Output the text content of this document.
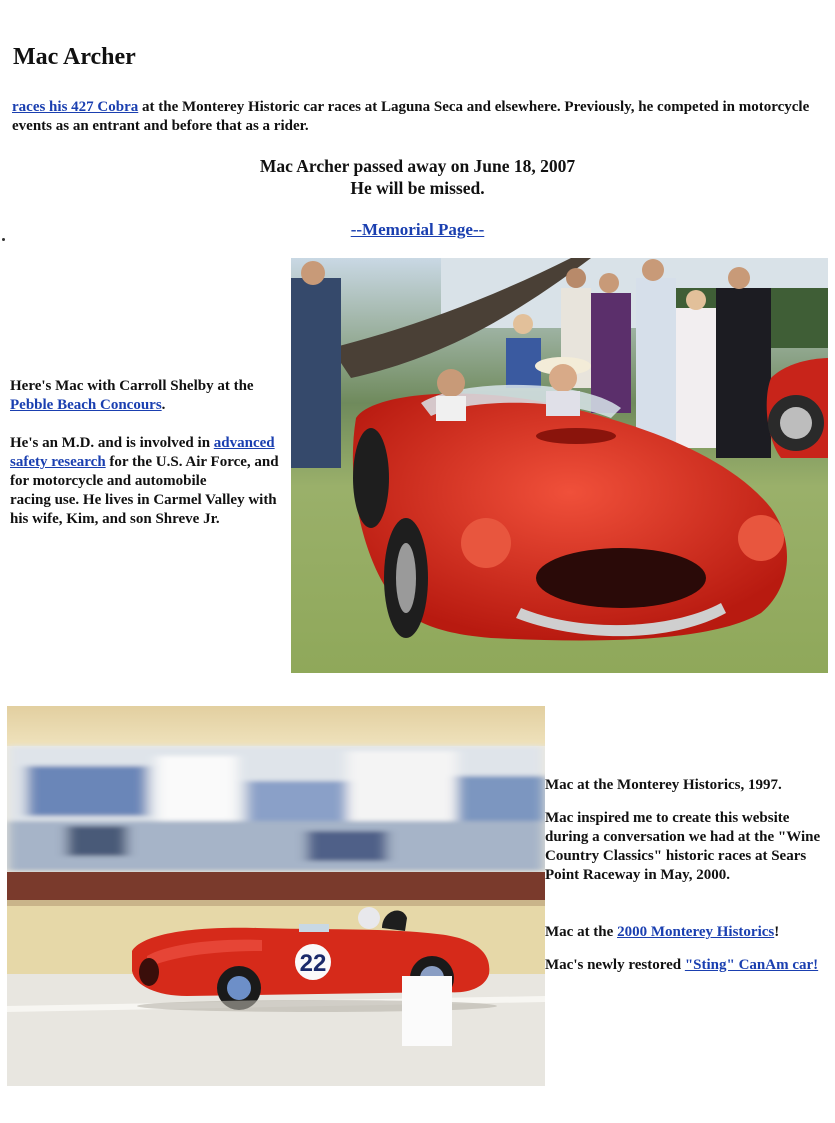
Mac Archer
races his 427 Cobra at the Monterey Historic car races at Laguna Seca and elsewhere. Previously, he competed in motorcycle events as an entrant and before that as a rider.
Mac Archer passed away on June 18, 2007
He will be missed.
--Memorial Page--

Here's Mac with Carroll Shelby at the Pebble Beach Concours.

He's an M.D. and is involved in advanced safety research for the U.S. Air Force, and for motorcycle and automobile
racing use. He lives in Carmel Valley with his wife, Kim, and son Shreve Jr.

22

Mac at the Monterey Historics, 1997.

Mac inspired me to create this website during a conversation we had at the "Wine Country Classics" historic races at Sears Point Raceway in May, 2000.

Mac at the 2000 Monterey Historics!

Mac's newly restored "Sting" CanAm car!
